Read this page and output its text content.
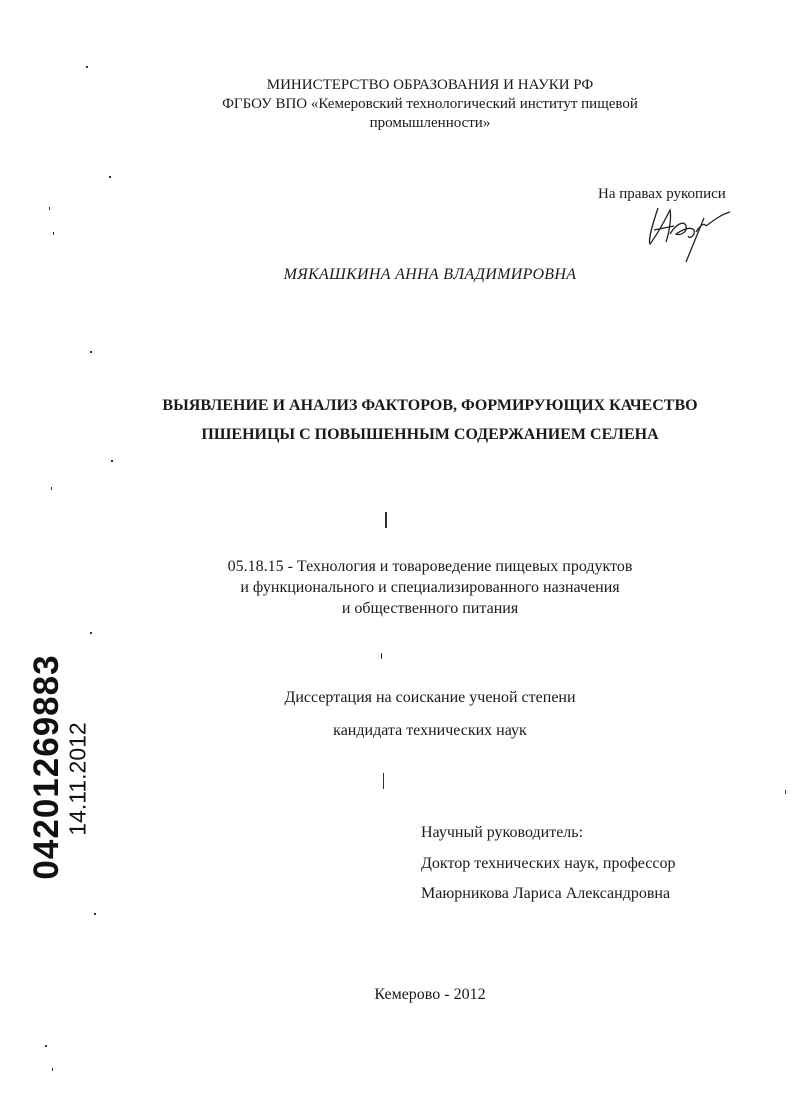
МИНИСТЕРСТВО ОБРАЗОВАНИЯ И НАУКИ РФ
ФГБОУ ВПО «Кемеровский технологический институт пищевой
промышленности»
На правах рукописи
МЯКАШКИНА АННА ВЛАДИМИРОВНА
ВЫЯВЛЕНИЕ И АНАЛИЗ ФАКТОРОВ, ФОРМИРУЮЩИХ КАЧЕСТВО
ПШЕНИЦЫ С ПОВЫШЕННЫМ СОДЕРЖАНИЕМ СЕЛЕНА
05.18.15 - Технология и товароведение пищевых продуктов
и функционального и специализированного назначения
и общественного питания
Диссертация на соискание ученой степени
кандидата технических наук
Научный руководитель:
Доктор технических наук, профессор
Маюрникова Лариса Александровна
Кемерово - 2012
04201269883
14.11.2012
